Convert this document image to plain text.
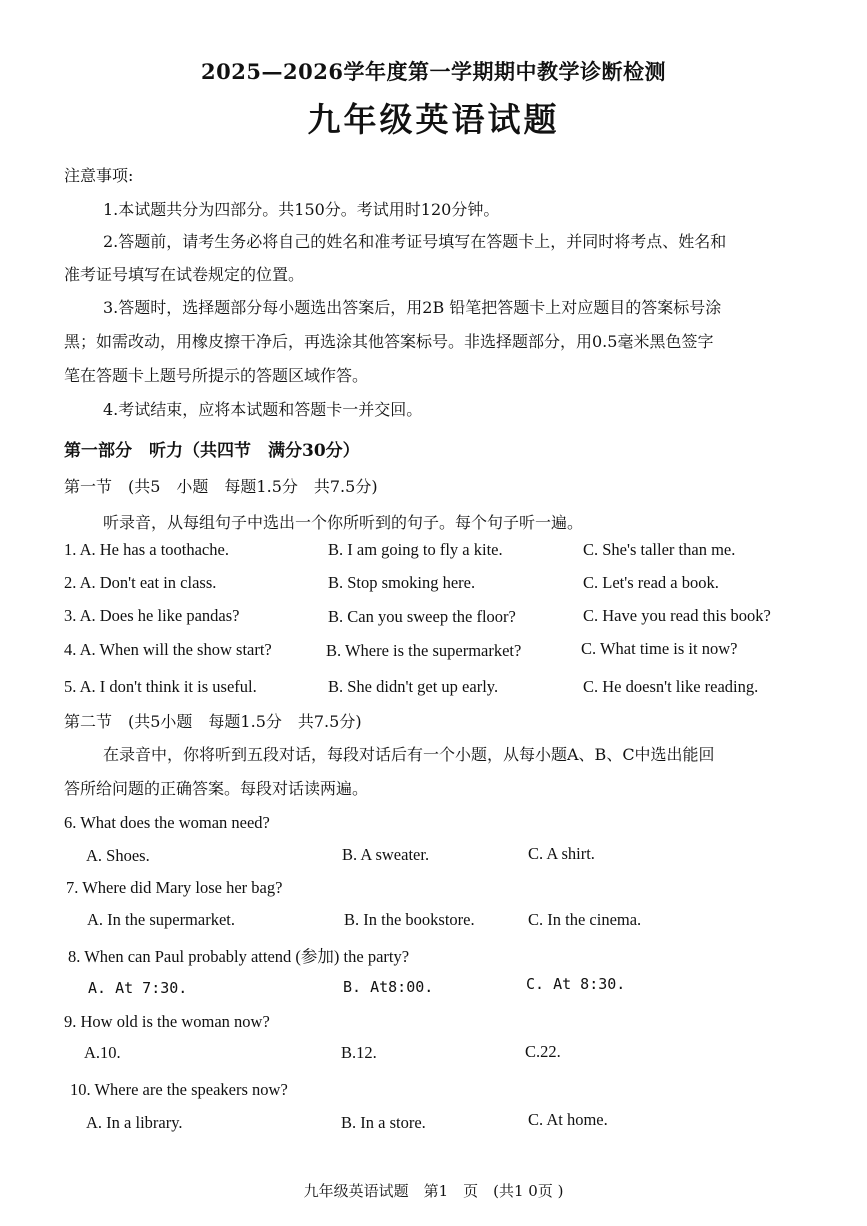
2025—2026学年度第一学期期中教学诊断检测
九年级英语试题
注意事项:
1.本试题共分为四部分。共150分。考试用时120分钟。
2.答题前，请考生务必将自己的姓名和准考证号填写在答题卡上，并同时将考点、姓名和
准考证号填写在试卷规定的位置。
3.答题时，选择题部分每小题选出答案后，用2B 铅笔把答题卡上对应题目的答案标号涂
黑；如需改动，用橡皮擦干净后，再选涂其他答案标号。非选择题部分，用0.5毫米黑色签字
笔在答题卡上题号所提示的答题区域作答。
4.考试结束，应将本试题和答题卡一并交回。
第一部分　听力（共四节　满分30分）
第一节　(共5　小题　每题1.5分　共7.5分)
听录音，从每组句子中选出一个你所听到的句子。每个句子听一遍。
1. A. He has a toothache.	B. I am going to fly a kite.	C. She's taller than me.
2. A. Don't eat in class.	B. Stop smoking here.	C. Let's read a book.
3. A. Does he like pandas?	B. Can you sweep the floor?	C. Have you read this book?
4. A. When will the show start?	B. Where is the supermarket?	C. What time is it now?
5. A. I don't think it is useful.	B. She didn't get up early.	C. He doesn't like reading.
第二节　(共5小题　每题1.5分　共7.5分)
在录音中，你将听到五段对话，每段对话后有一个小题，从每小题A、B、C中选出能回
答所给问题的正确答案。每段对话读两遍。
6. What does the woman need?
A. Shoes.	B. A sweater.	C. A shirt.
7. Where did Mary lose her bag?
A. In the supermarket.	B. In the bookstore.	C. In the cinema.
8. When can Paul probably attend (参加) the party?
A. At 7:30.	B. At8:00.	C. At 8:30.
9. How old is the woman now?
A.10.	B.12.	C.22.
10. Where are the speakers now?
A. In a library.	B. In a store.	C. At home.
九年级英语试题　第1　页　(共1 0页 )
